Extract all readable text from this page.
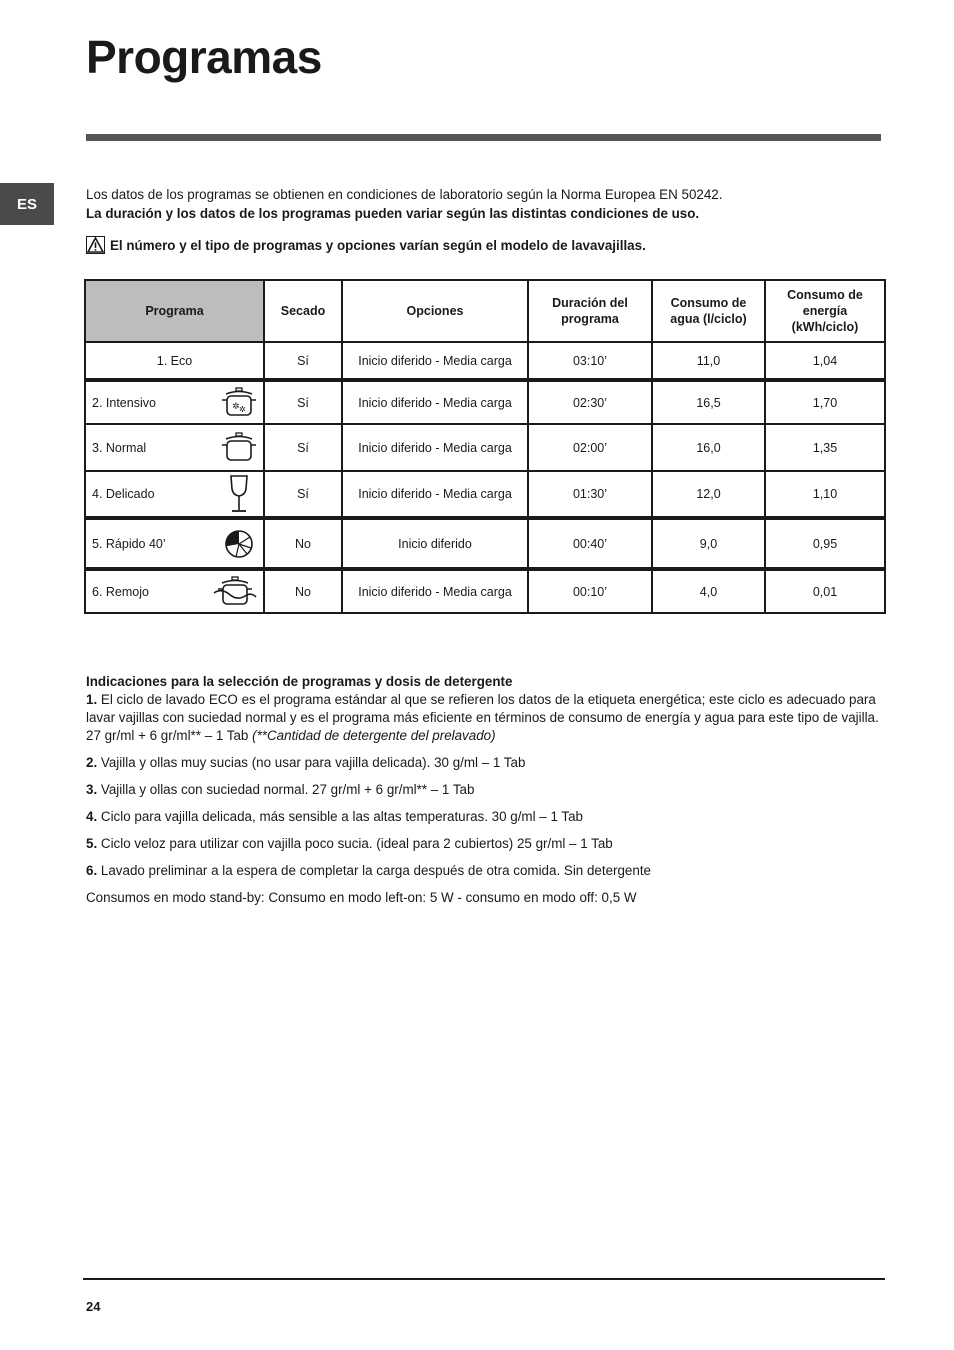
Programas
ES
Los datos de los programas se obtienen en condiciones de laboratorio según la Norma Europea EN 50242.
La duración y los datos de los programas pueden variar según las distintas condiciones de uso.
El número y el tipo de programas y opciones varían según el modelo de lavavajillas.
Programa	Secado	Opciones	Duración del programa	Consumo de agua (l/ciclo)	Consumo de energía (kWh/ciclo)
1. Eco	Sí	Inicio diferido - Media carga	03:10’	11,0	1,04

2. Intensivo ✲ ✲	Sí	Inicio diferido - Media carga	02:30’	16,5	1,70

3. Normal	Sí	Inicio diferido - Media carga	02:00’	16,0	1,35

4. Delicado	Sí	Inicio diferido - Media carga	01:30’	12,0	1,10

5. Rápido 40’	No	Inicio diferido	00:40’	9,0	0,95

6. Remojo	No	Inicio diferido - Media carga	00:10’	4,0	0,01
Indicaciones para la selección de programas y dosis de detergente

1. El ciclo de lavado ECO es el programa estándar al que se refieren los datos de la etiqueta energética; este ciclo es adecuado para lavar vajillas con suciedad normal y es el programa más eficiente en términos de consumo de energía y agua para este tipo de vajilla. 27 gr/ml + 6 gr/ml** – 1 Tab (**Cantidad de detergente del prelavado)

2. Vajilla y ollas muy sucias (no usar para vajilla delicada). 30 g/ml – 1 Tab

3. Vajilla y ollas con suciedad normal. 27 gr/ml + 6 gr/ml** – 1 Tab

4. Ciclo para vajilla delicada, más sensible a las altas temperaturas. 30 g/ml – 1 Tab

5. Ciclo veloz para utilizar con vajilla poco sucia. (ideal para 2 cubiertos) 25 gr/ml – 1 Tab

6. Lavado preliminar a la espera de completar la carga después de otra comida. Sin detergente

Consumos en modo stand-by: Consumo en modo left-on: 5 W - consumo en modo off: 0,5 W

24
